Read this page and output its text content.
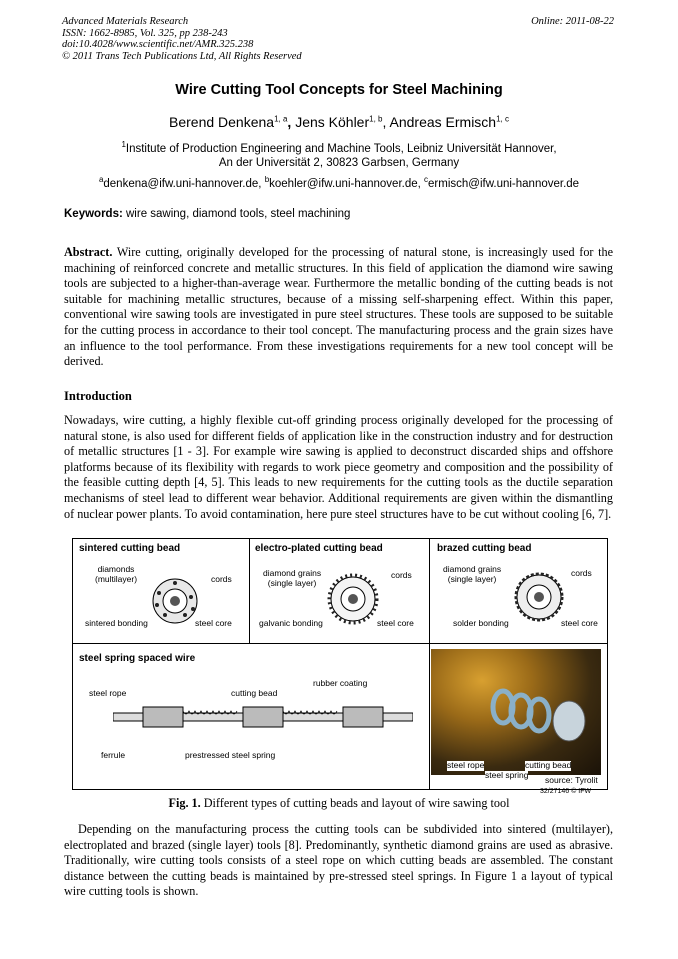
Advanced Materials Research
ISSN: 1662-8985, Vol. 325, pp 238-243
doi:10.4028/www.scientific.net/AMR.325.238
© 2011 Trans Tech Publications Ltd, All Rights Reserved
Online: 2011-08-22
Wire Cutting Tool Concepts for Steel Machining
Berend Denkena$^{1, a}$, Jens Köhler$^{1, b}$, Andreas Ermisch$^{1, c}$
$^1$Institute of Production Engineering and Machine Tools, Leibniz Universität Hannover,
An der Universität 2, 30823 Garbsen, Germany
$^a$denkena@ifw.uni-hannover.de, $^b$koehler@ifw.uni-hannover.de, $^c$ermisch@ifw.uni-hannover.de
Keywords: wire sawing, diamond tools, steel machining
Abstract. Wire cutting, originally developed for the processing of natural stone, is increasingly used for the machining of reinforced concrete and metallic structures. In this field of application the diamond wire sawing tools are subjected to a higher-than-average wear. Furthermore the metallic bonding of the cutting beads is not suitable for machining metallic structures, because of a missing self-sharpening effect. Within this paper, conventional wire sawing tools are investigated in pure steel structures. These tools are supposed to be suitable for the cutting process in accordance to their tool concept. The manufacturing process and the grain sizes have an influence to the tool performance. From these investigations requirements for a new tool concept will be derived.
Introduction
Nowadays, wire cutting, a highly flexible cut-off grinding process originally developed for the processing of natural stone, is also used for different fields of application like in the construction industry and for destruction of metallic structures [1 - 3]. For example wire sawing is applied to deconstruct discarded ships and offshore platforms because of its flexibility with regards to work piece geometry and composition and the possibility of the feasible cutting depth [4, 5]. This leads to new requirements for the cutting tools as the ductile separation mechanisms of steel lead to different wear behavior. Additional requirements are given within the dismantling of nuclear power plants. To avoid contamination, here pure steel structures have to be cut without cooling [6, 7].
sintered cutting bead
diamonds
(multilayer)	cords
sintered bonding	steel core
electro-plated cutting bead
diamond grains
(single layer)
cords
galvanic bonding	steel core
brazed cutting bead
diamond grains
(single layer)
cords
solder bonding	steel core
steel spring spaced wire
rubber coating
steel rope	cutting bead
ferrule	prestressed steel spring
steel rope	cutting bead
steel spring source: Tyrolit
32/27146 © IFW
Fig. 1. Different types of cutting beads and layout of wire sawing tool
Depending on the manufacturing process the cutting tools can be subdivided into sintered (multilayer), electroplated and brazed (single layer) tools [8]. Predominantly, synthetic diamond grains are used as abrasive. Traditionally, wire cutting tools consists of a steel rope on which cutting beads are assembled. The constant distance between the cutting beads is maintained by pre-stressed steel springs. In Figure 1 a layout of typical wire cutting tools is shown.
